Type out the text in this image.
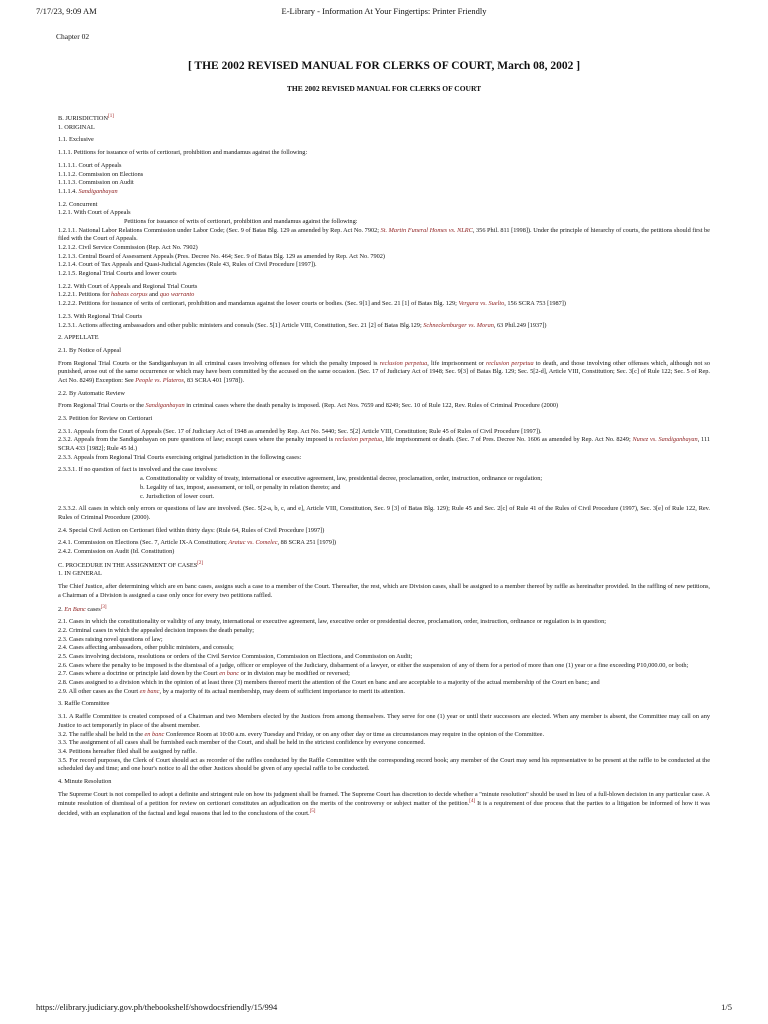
7/17/23, 9:09 AM	E-Library - Information At Your Fingertips: Printer Friendly
Chapter 02
[ THE 2002 REVISED MANUAL FOR CLERKS OF COURT, March 08, 2002 ]
THE 2002 REVISED MANUAL FOR CLERKS OF COURT

B. JURISDICTION[1]

1. ORIGINAL

1.1. Exclusive

1.1.1. Petitions for issuance of writs of certiorari, prohibition and mandamus against the following:

1.1.1.1. Court of Appeals

1.1.1.2. Commission on Elections

1.1.1.3. Commission on Audit

1.1.1.4. Sandiganbayan

1.2. Concurrent

1.2.1. With Court of Appeals

Petitions for issuance of writs of certiorari, prohibition and mandamus against the following:

1.2.1.1. National Labor Relations Commission under Labor Code; (Sec. 9 of Batas Blg. 129 as amended by Rep. Act No. 7902; St. Martin Funeral Homes vs. NLRC, 356 Phil. 811 [1998]). Under the principle of hierarchy of courts, the petitions should first be filed with the Court of Appeals.

1.2.1.2. Civil Service Commission (Rep. Act No. 7902)

1.2.1.3. Central Board of Assessment Appeals (Pres. Decree No. 464; Sec. 9 of Batas Blg. 129 as amended by Rep. Act No. 7902)

1.2.1.4. Court of Tax Appeals and Quasi-Judicial Agencies (Rule 43, Rules of Civil Procedure [1997]).

1.2.1.5. Regional Trial Courts and lower courts

1.2.2. With Court of Appeals and Regional Trial Courts

1.2.2.1. Petitions for habeas corpus and quo warranto

1.2.2.2. Petitions for issuance of writs of certiorari, prohibition and mandamus against the lower courts or bodies. (Sec. 9[1] and Sec. 21 [1] of Batas Blg. 129; Vergara vs. Suelto, 156 SCRA 753 [1987])

1.2.3. With Regional Trial Courts

1.2.3.1. Actions affecting ambassadors and other public ministers and consuls (Sec. 5[1] Article VIII, Constitution, Sec. 21 [2] of Batas Blg.129; Schneckenburger vs. Moran, 63 Phil.249 [1937])

2. APPELLATE

2.1. By Notice of Appeal

From Regional Trial Courts or the Sandiganbayan in all criminal cases involving offenses for which the penalty imposed is reclusion perpetua, life imprisonment or reclusion perpetua to death, and those involving other offenses which, although not so punished, arose out of the same occurrence or which may have been committed by the accused on the same occasion. (Sec. 17 of Judiciary Act of 1948; Sec. 9[3] of Batas Blg. 129; Sec. 5[2-d], Article VIII, Constitution; Sec. 3[c] of Rule 122; Sec. 5 of Rep. Act No. 8249) Exception: See People vs. Plateros, 83 SCRA 401 [1978]).

2.2. By Automatic Review

From Regional Trial Courts or the Sandiganbayan in criminal cases where the death penalty is imposed. (Rep. Act Nos. 7659 and 8249; Sec. 10 of Rule 122, Rev. Rules of Criminal Procedure (2000)

2.3. Petition for Review on Certiorari

2.3.1. Appeals from the Court of Appeals (Sec. 17 of Judiciary Act of 1948 as amended by Rep. Act No. 5440; Sec. 5[2] Article VIII, Constitution; Rule 45 of Rules of Civil Procedure [1997]).

2.3.2. Appeals from the Sandiganbayan on pure questions of law; except cases where the penalty imposed is reclusion perpetua, life imprisonment or death. (Sec. 7 of Pres. Decree No. 1606 as amended by Rep. Act No. 8249; Nunez vs. Sandiganbayan, 111 SCRA 433 [1982]; Rule 45 Id.)

2.3.3. Appeals from Regional Trial Courts exercising original jurisdiction in the following cases:

2.3.3.1. If no question of fact is involved and the case involves:

a. Constitutionality or validity of treaty, international or executive agreement, law, presidential decree, proclamation, order, instruction, ordinance or regulation;

b. Legality of tax, impost, assessment, or toll, or penalty in relation thereto; and

c. Jurisdiction of lower court.

2.3.3.2. All cases in which only errors or questions of law are involved. (Sec. 5[2-a, b, c, and e], Article VIII, Constitution, Sec. 9 [3] of Batas Blg. 129); Rule 45 and Sec. 2[c] of Rule 41 of the Rules of Civil Procedure (1997), Sec. 3[e] of Rule 122, Rev. Rules of Criminal Procedure (2000).

2.4. Special Civil Action on Certiorari filed within thirty days: (Rule 64, Rules of Civil Procedure [1997])

2.4.1. Commission on Elections (Sec. 7, Article IX-A Constitution; Aratuc vs. Comelec, 88 SCRA 251 [1979])

2.4.2. Commission on Audit (Id. Constitution)

C. PROCEDURE IN THE ASSIGNMENT OF CASES[2]

1. IN GENERAL

The Chief Justice, after determining which are en banc cases, assigns such a case to a member of the Court. Thereafter, the rest, which are Division cases, shall be assigned to a member thereof by raffle as hereinafter provided. In the raffling of new petitions, a Chairman of a Division is assigned a case only once for every two petitions raffled.

2. En Banc cases[3]

2.1. Cases in which the constitutionality or validity of any treaty, international or executive agreement, law, executive order or presidential decree, proclamation, order, instruction, ordinance or regulation is in question;

2.2. Criminal cases in which the appealed decision imposes the death penalty;

2.3. Cases raising novel questions of law;

2.4. Cases affecting ambassadors, other public ministers, and consuls;

2.5. Cases involving decisions, resolutions or orders of the Civil Service Commission, Commission on Elections, and Commission on Audit;

2.6. Cases where the penalty to be imposed is the dismissal of a judge, officer or employee of the Judiciary, disbarment of a lawyer, or either the suspension of any of them for a period of more than one (1) year or a fine exceeding P10,000.00, or both;

2.7. Cases where a doctrine or principle laid down by the Court en banc or in division may be modified or reversed;

2.8. Cases assigned to a division which in the opinion of at least three (3) members thereof merit the attention of the Court en banc and are acceptable to a majority of the actual membership of the Court en banc; and

2.9. All other cases as the Court en banc, by a majority of its actual membership, may deem of sufficient importance to merit its attention.

3. Raffle Committee

3.1. A Raffle Committee is created composed of a Chairman and two Members elected by the Justices from among themselves. They serve for one (1) year or until their successors are elected. When any member is absent, the Committee may call on any Justice to act temporarily in place of the absent member.

3.2. The raffle shall be held in the en banc Conference Room at 10:00 a.m. every Tuesday and Friday, or on any other day or time as circumstances may require in the opinion of the Committee.

3.3. The assignment of all cases shall be furnished each member of the Court, and shall be held in the strictest confidence by everyone concerned.

3.4. Petitions hereafter filed shall be assigned by raffle.

3.5. For record purposes, the Clerk of Court should act as recorder of the raffles conducted by the Raffle Committee with the corresponding record book; any member of the Court may send his representative to be present at the raffle to be conducted at the scheduled day and time; and one hour's notice to all the other Justices should be given of any special raffle to be conducted.

4. Minute Resolution

The Supreme Court is not compelled to adopt a definite and stringent rule on how its judgment shall be framed. The Supreme Court has discretion to decide whether a "minute resolution" should be used in lieu of a full-blown decision in any particular case. A minute resolution of dismissal of a petition for review on certiorari constitutes an adjudication on the merits of the controversy or subject matter of the petition.[4] It is a requirement of due process that the parties to a litigation be informed of how it was decided, with an explanation of the factual and legal reasons that led to the conclusions of the court.[5]

https://elibrary.judiciary.gov.ph/thebookshelf/showdocsfriendly/15/994	1/5
